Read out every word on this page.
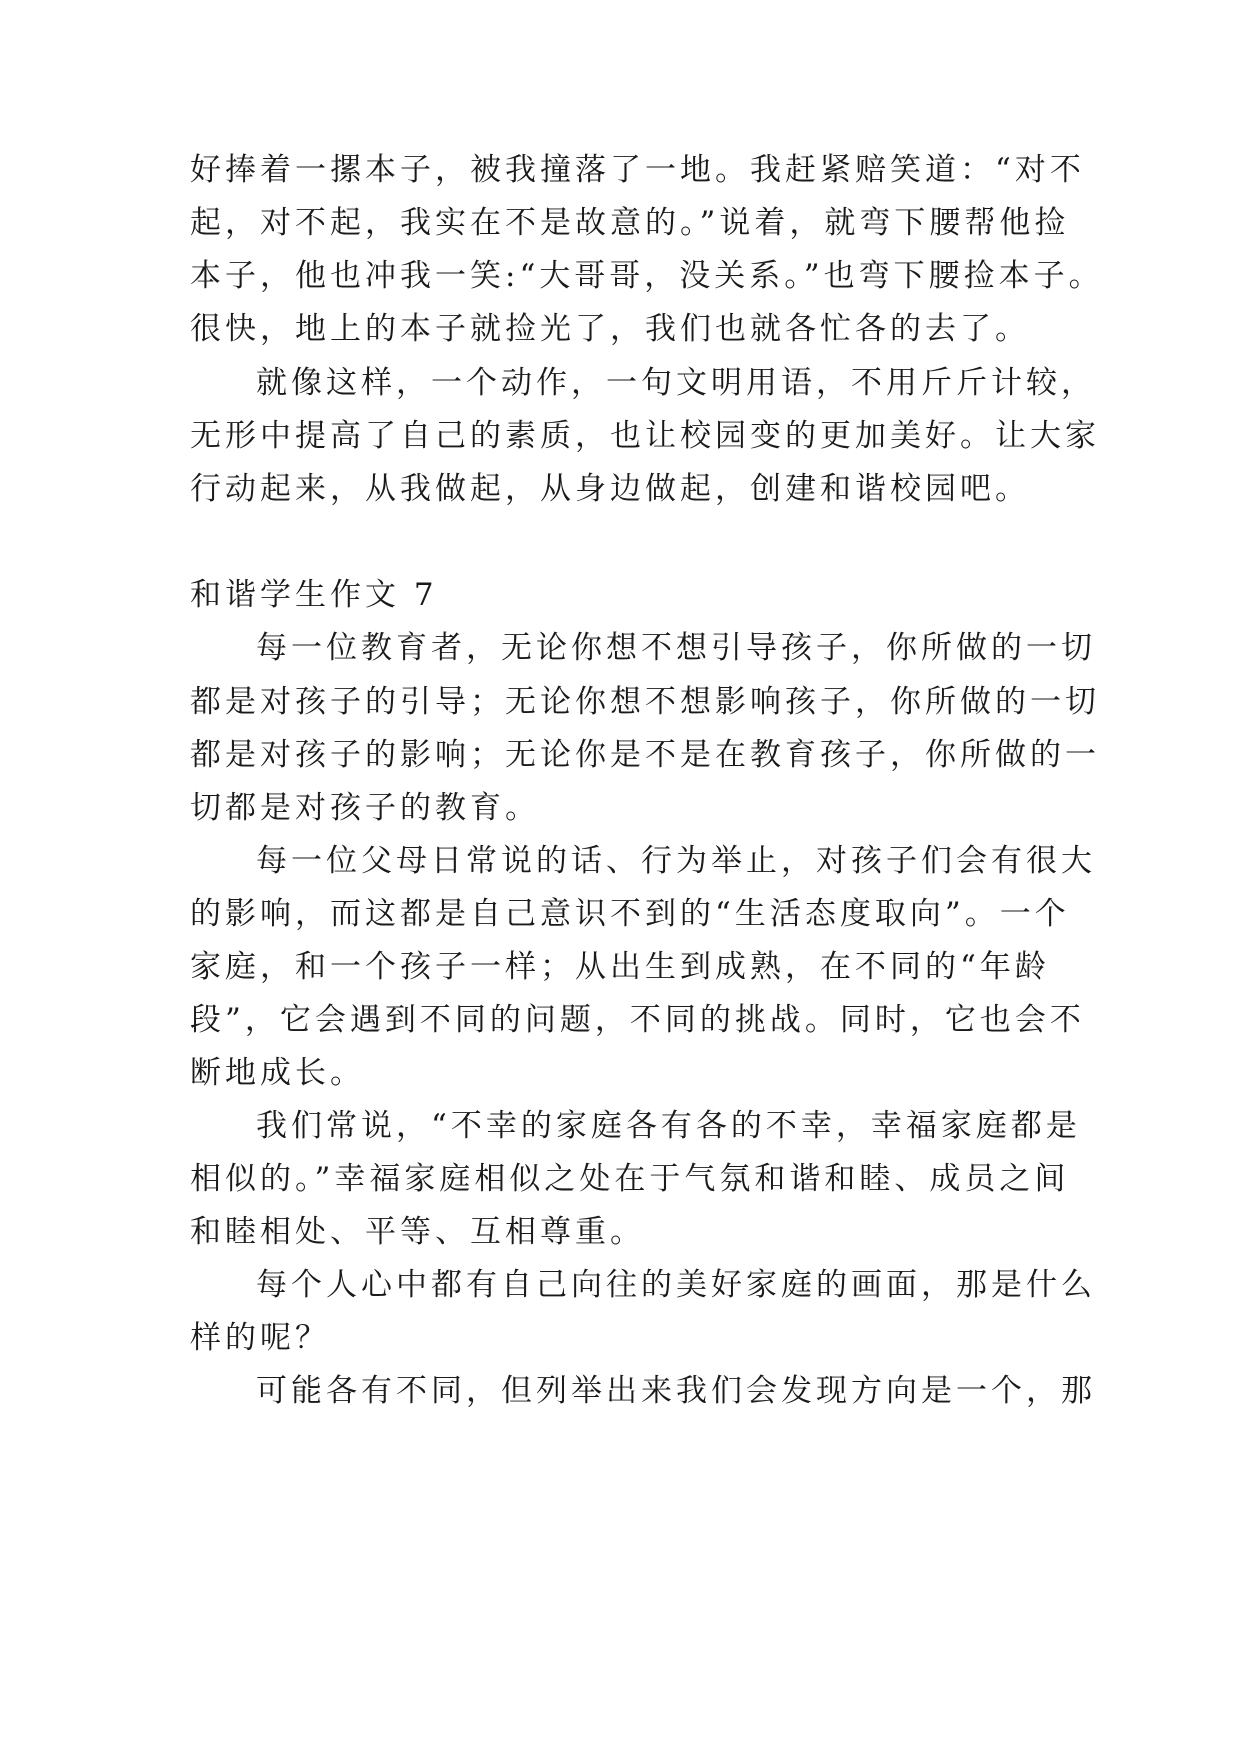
好捧着一摞本子，被我撞落了一地。我赶紧赔笑道：“对不
起，对不起，我实在不是故意的。”说着，就弯下腰帮他捡
本子，他也冲我一笑:“大哥哥，没关系。”也弯下腰捡本子。
很快，地上的本子就捡光了，我们也就各忙各的去了。
就像这样，一个动作，一句文明用语，不用斤斤计较，
无形中提高了自己的素质，也让校园变的更加美好。让大家
行动起来，从我做起，从身边做起，创建和谐校园吧。
和谐学生作文 7
每一位教育者，无论你想不想引导孩子，你所做的一切
都是对孩子的引导；无论你想不想影响孩子，你所做的一切
都是对孩子的影响；无论你是不是在教育孩子，你所做的一
切都是对孩子的教育。
每一位父母日常说的话、行为举止，对孩子们会有很大
的影响，而这都是自己意识不到的“生活态度取向”。一个
家庭，和一个孩子一样；从出生到成熟，在不同的“年龄
段”，它会遇到不同的问题，不同的挑战。同时，它也会不
断地成长。
我们常说，“不幸的家庭各有各的不幸，幸福家庭都是
相似的。”幸福家庭相似之处在于气氛和谐和睦、成员之间
和睦相处、平等、互相尊重。
每个人心中都有自己向往的美好家庭的画面，那是什么
样的呢？
可能各有不同，但列举出来我们会发现方向是一个，那
